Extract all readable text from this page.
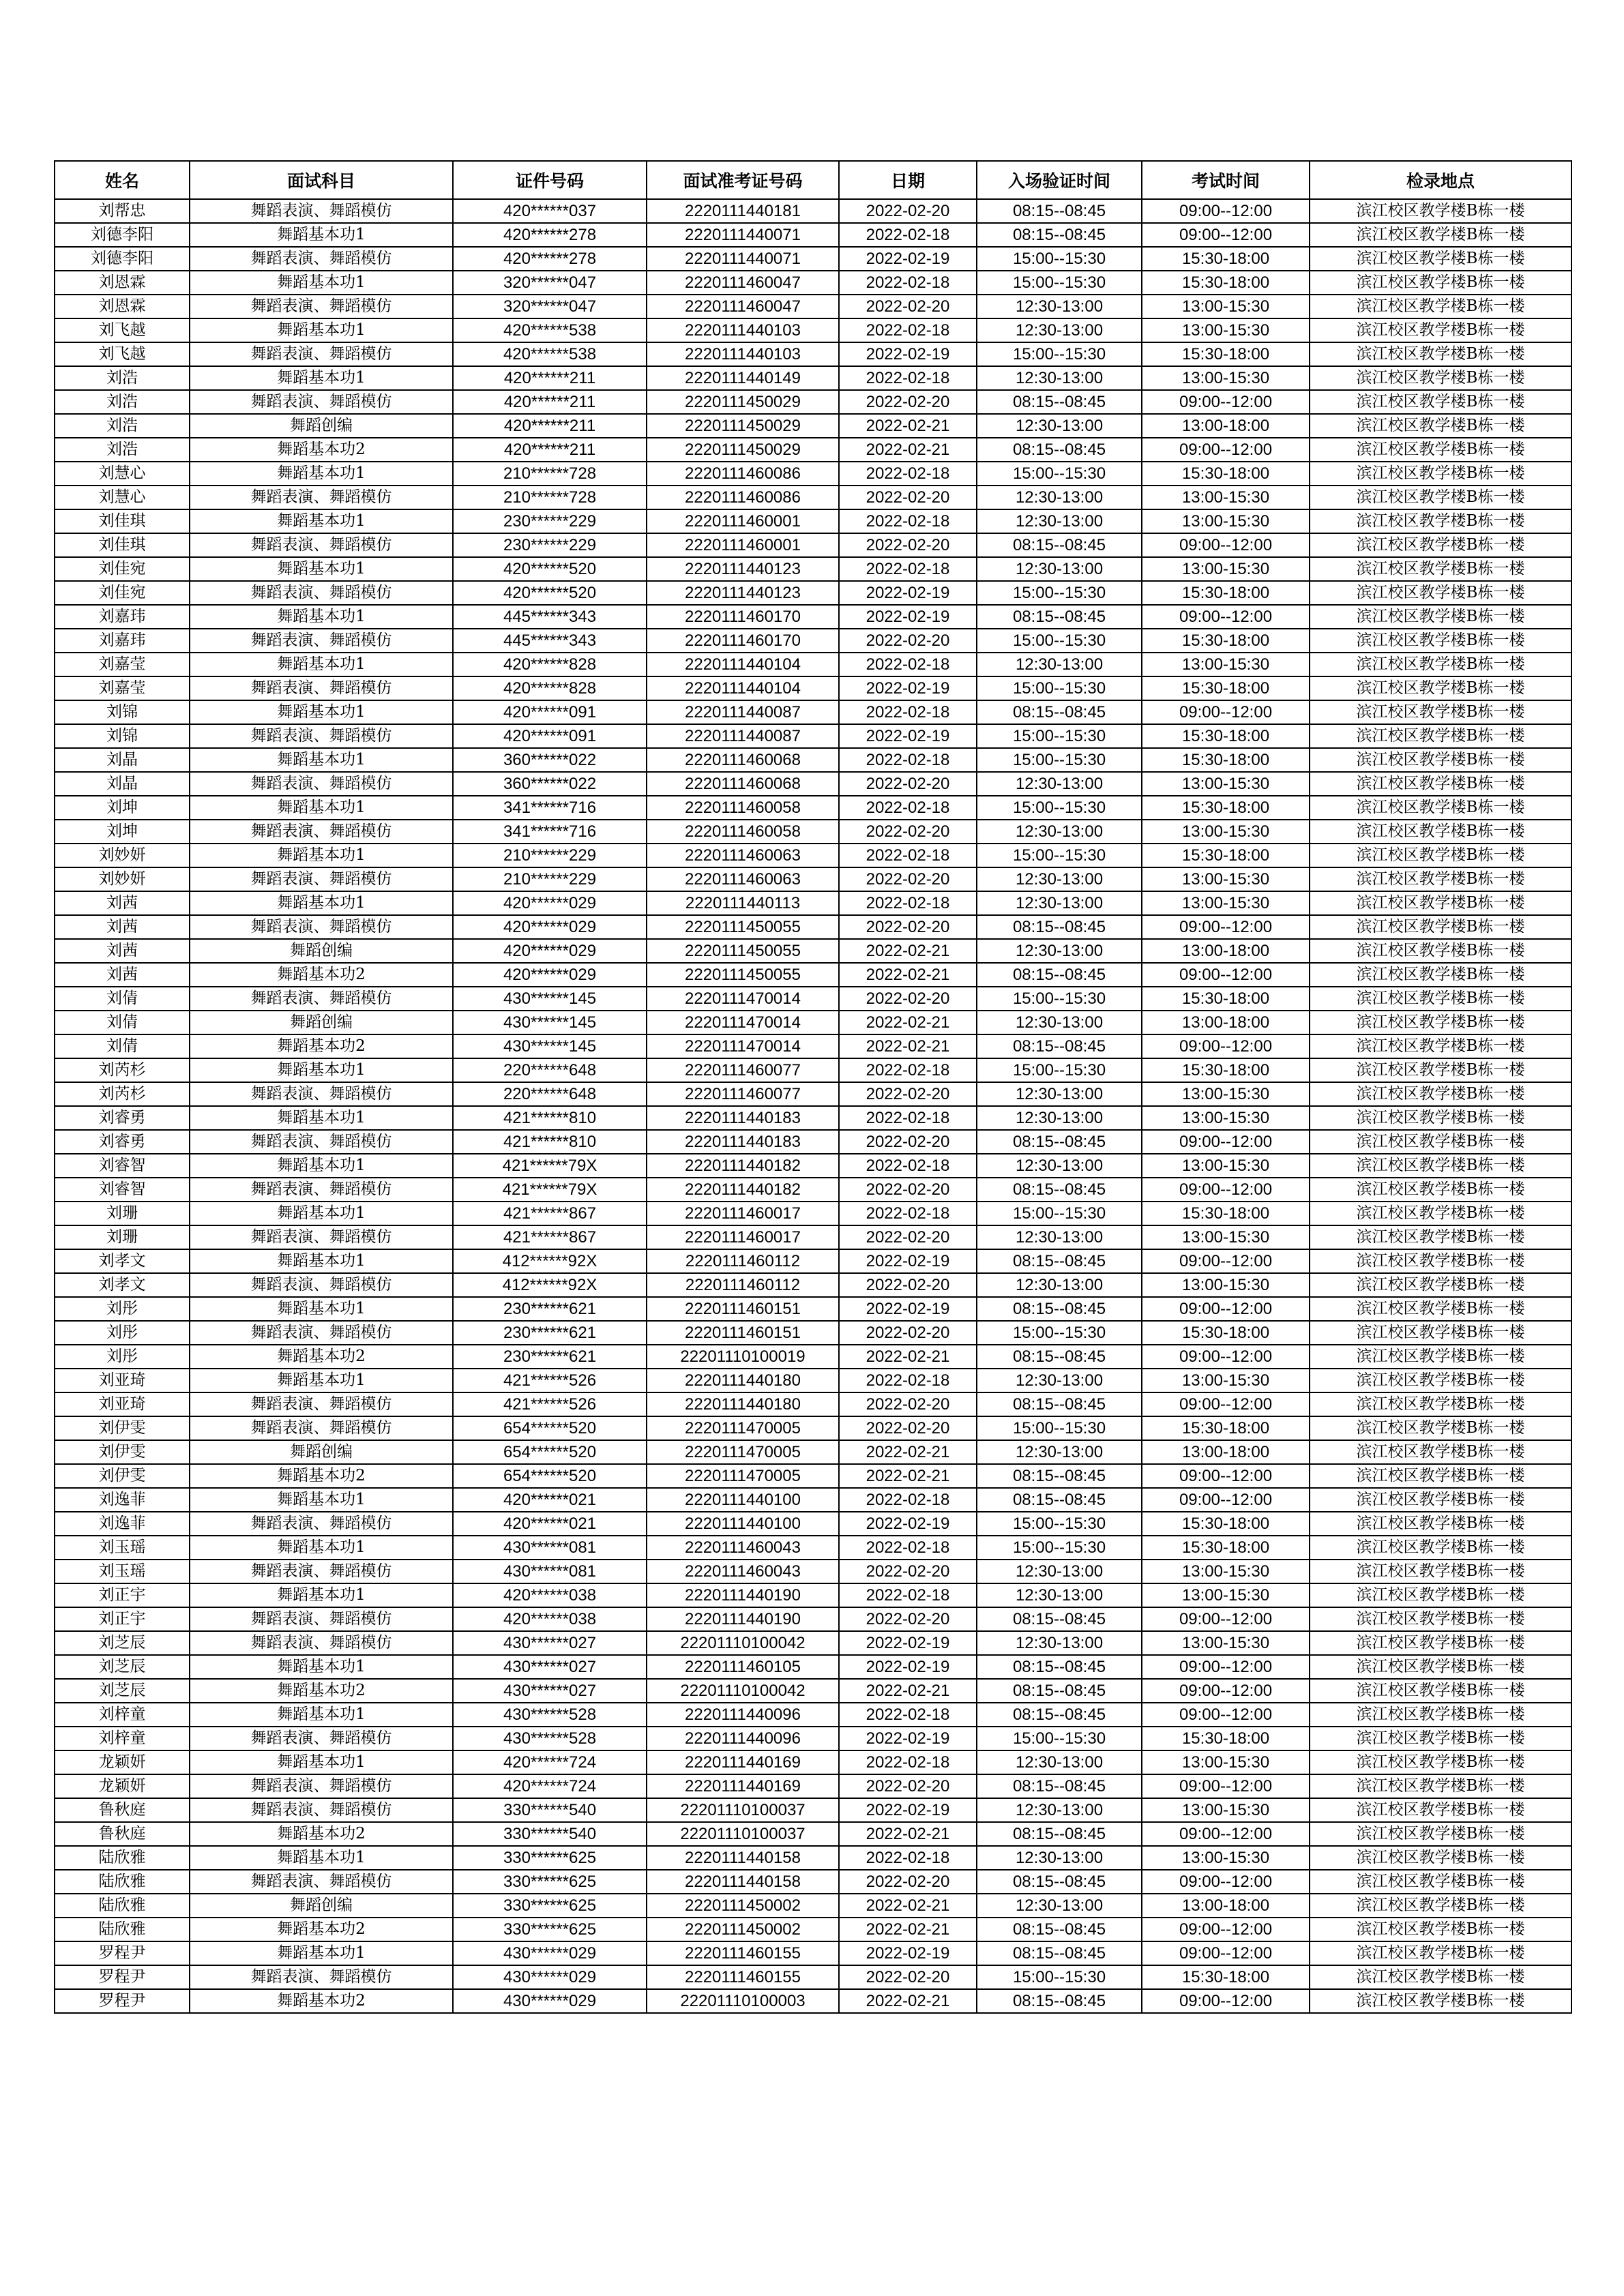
姓名	面试科目	证件号码	面试准考证号码	日期	入场验证时间	考试时间	检录地点
刘帮忠	舞蹈表演、舞蹈模仿	420******037	2220111440181	2022-02-20	08:15--08:45	09:00--12:00	滨江校区教学楼B栋一楼
刘德李阳	舞蹈基本功1	420******278	2220111440071	2022-02-18	08:15--08:45	09:00--12:00	滨江校区教学楼B栋一楼
刘德李阳	舞蹈表演、舞蹈模仿	420******278	2220111440071	2022-02-19	15:00--15:30	15:30-18:00	滨江校区教学楼B栋一楼
刘恩霖	舞蹈基本功1	320******047	2220111460047	2022-02-18	15:00--15:30	15:30-18:00	滨江校区教学楼B栋一楼
刘恩霖	舞蹈表演、舞蹈模仿	320******047	2220111460047	2022-02-20	12:30-13:00	13:00-15:30	滨江校区教学楼B栋一楼
刘飞越	舞蹈基本功1	420******538	2220111440103	2022-02-18	12:30-13:00	13:00-15:30	滨江校区教学楼B栋一楼
刘飞越	舞蹈表演、舞蹈模仿	420******538	2220111440103	2022-02-19	15:00--15:30	15:30-18:00	滨江校区教学楼B栋一楼
刘浩	舞蹈基本功1	420******211	2220111440149	2022-02-18	12:30-13:00	13:00-15:30	滨江校区教学楼B栋一楼
刘浩	舞蹈表演、舞蹈模仿	420******211	2220111450029	2022-02-20	08:15--08:45	09:00--12:00	滨江校区教学楼B栋一楼
刘浩	舞蹈创编	420******211	2220111450029	2022-02-21	12:30-13:00	13:00-18:00	滨江校区教学楼B栋一楼
刘浩	舞蹈基本功2	420******211	2220111450029	2022-02-21	08:15--08:45	09:00--12:00	滨江校区教学楼B栋一楼
刘慧心	舞蹈基本功1	210******728	2220111460086	2022-02-18	15:00--15:30	15:30-18:00	滨江校区教学楼B栋一楼
刘慧心	舞蹈表演、舞蹈模仿	210******728	2220111460086	2022-02-20	12:30-13:00	13:00-15:30	滨江校区教学楼B栋一楼
刘佳琪	舞蹈基本功1	230******229	2220111460001	2022-02-18	12:30-13:00	13:00-15:30	滨江校区教学楼B栋一楼
刘佳琪	舞蹈表演、舞蹈模仿	230******229	2220111460001	2022-02-20	08:15--08:45	09:00--12:00	滨江校区教学楼B栋一楼
刘佳宛	舞蹈基本功1	420******520	2220111440123	2022-02-18	12:30-13:00	13:00-15:30	滨江校区教学楼B栋一楼
刘佳宛	舞蹈表演、舞蹈模仿	420******520	2220111440123	2022-02-19	15:00--15:30	15:30-18:00	滨江校区教学楼B栋一楼
刘嘉玮	舞蹈基本功1	445******343	2220111460170	2022-02-19	08:15--08:45	09:00--12:00	滨江校区教学楼B栋一楼
刘嘉玮	舞蹈表演、舞蹈模仿	445******343	2220111460170	2022-02-20	15:00--15:30	15:30-18:00	滨江校区教学楼B栋一楼
刘嘉莹	舞蹈基本功1	420******828	2220111440104	2022-02-18	12:30-13:00	13:00-15:30	滨江校区教学楼B栋一楼
刘嘉莹	舞蹈表演、舞蹈模仿	420******828	2220111440104	2022-02-19	15:00--15:30	15:30-18:00	滨江校区教学楼B栋一楼
刘锦	舞蹈基本功1	420******091	2220111440087	2022-02-18	08:15--08:45	09:00--12:00	滨江校区教学楼B栋一楼
刘锦	舞蹈表演、舞蹈模仿	420******091	2220111440087	2022-02-19	15:00--15:30	15:30-18:00	滨江校区教学楼B栋一楼
刘晶	舞蹈基本功1	360******022	2220111460068	2022-02-18	15:00--15:30	15:30-18:00	滨江校区教学楼B栋一楼
刘晶	舞蹈表演、舞蹈模仿	360******022	2220111460068	2022-02-20	12:30-13:00	13:00-15:30	滨江校区教学楼B栋一楼
刘坤	舞蹈基本功1	341******716	2220111460058	2022-02-18	15:00--15:30	15:30-18:00	滨江校区教学楼B栋一楼
刘坤	舞蹈表演、舞蹈模仿	341******716	2220111460058	2022-02-20	12:30-13:00	13:00-15:30	滨江校区教学楼B栋一楼
刘妙妍	舞蹈基本功1	210******229	2220111460063	2022-02-18	15:00--15:30	15:30-18:00	滨江校区教学楼B栋一楼
刘妙妍	舞蹈表演、舞蹈模仿	210******229	2220111460063	2022-02-20	12:30-13:00	13:00-15:30	滨江校区教学楼B栋一楼
刘茜	舞蹈基本功1	420******029	2220111440113	2022-02-18	12:30-13:00	13:00-15:30	滨江校区教学楼B栋一楼
刘茜	舞蹈表演、舞蹈模仿	420******029	2220111450055	2022-02-20	08:15--08:45	09:00--12:00	滨江校区教学楼B栋一楼
刘茜	舞蹈创编	420******029	2220111450055	2022-02-21	12:30-13:00	13:00-18:00	滨江校区教学楼B栋一楼
刘茜	舞蹈基本功2	420******029	2220111450055	2022-02-21	08:15--08:45	09:00--12:00	滨江校区教学楼B栋一楼
刘倩	舞蹈表演、舞蹈模仿	430******145	2220111470014	2022-02-20	15:00--15:30	15:30-18:00	滨江校区教学楼B栋一楼
刘倩	舞蹈创编	430******145	2220111470014	2022-02-21	12:30-13:00	13:00-18:00	滨江校区教学楼B栋一楼
刘倩	舞蹈基本功2	430******145	2220111470014	2022-02-21	08:15--08:45	09:00--12:00	滨江校区教学楼B栋一楼
刘芮杉	舞蹈基本功1	220******648	2220111460077	2022-02-18	15:00--15:30	15:30-18:00	滨江校区教学楼B栋一楼
刘芮杉	舞蹈表演、舞蹈模仿	220******648	2220111460077	2022-02-20	12:30-13:00	13:00-15:30	滨江校区教学楼B栋一楼
刘睿勇	舞蹈基本功1	421******810	2220111440183	2022-02-18	12:30-13:00	13:00-15:30	滨江校区教学楼B栋一楼
刘睿勇	舞蹈表演、舞蹈模仿	421******810	2220111440183	2022-02-20	08:15--08:45	09:00--12:00	滨江校区教学楼B栋一楼
刘睿智	舞蹈基本功1	421******79X	2220111440182	2022-02-18	12:30-13:00	13:00-15:30	滨江校区教学楼B栋一楼
刘睿智	舞蹈表演、舞蹈模仿	421******79X	2220111440182	2022-02-20	08:15--08:45	09:00--12:00	滨江校区教学楼B栋一楼
刘珊	舞蹈基本功1	421******867	2220111460017	2022-02-18	15:00--15:30	15:30-18:00	滨江校区教学楼B栋一楼
刘珊	舞蹈表演、舞蹈模仿	421******867	2220111460017	2022-02-20	12:30-13:00	13:00-15:30	滨江校区教学楼B栋一楼
刘孝文	舞蹈基本功1	412******92X	2220111460112	2022-02-19	08:15--08:45	09:00--12:00	滨江校区教学楼B栋一楼
刘孝文	舞蹈表演、舞蹈模仿	412******92X	2220111460112	2022-02-20	12:30-13:00	13:00-15:30	滨江校区教学楼B栋一楼
刘彤	舞蹈基本功1	230******621	2220111460151	2022-02-19	08:15--08:45	09:00--12:00	滨江校区教学楼B栋一楼
刘彤	舞蹈表演、舞蹈模仿	230******621	2220111460151	2022-02-20	15:00--15:30	15:30-18:00	滨江校区教学楼B栋一楼
刘彤	舞蹈基本功2	230******621	22201110100019	2022-02-21	08:15--08:45	09:00--12:00	滨江校区教学楼B栋一楼
刘亚琦	舞蹈基本功1	421******526	2220111440180	2022-02-18	12:30-13:00	13:00-15:30	滨江校区教学楼B栋一楼
刘亚琦	舞蹈表演、舞蹈模仿	421******526	2220111440180	2022-02-20	08:15--08:45	09:00--12:00	滨江校区教学楼B栋一楼
刘伊雯	舞蹈表演、舞蹈模仿	654******520	2220111470005	2022-02-20	15:00--15:30	15:30-18:00	滨江校区教学楼B栋一楼
刘伊雯	舞蹈创编	654******520	2220111470005	2022-02-21	12:30-13:00	13:00-18:00	滨江校区教学楼B栋一楼
刘伊雯	舞蹈基本功2	654******520	2220111470005	2022-02-21	08:15--08:45	09:00--12:00	滨江校区教学楼B栋一楼
刘逸菲	舞蹈基本功1	420******021	2220111440100	2022-02-18	08:15--08:45	09:00--12:00	滨江校区教学楼B栋一楼
刘逸菲	舞蹈表演、舞蹈模仿	420******021	2220111440100	2022-02-19	15:00--15:30	15:30-18:00	滨江校区教学楼B栋一楼
刘玉瑶	舞蹈基本功1	430******081	2220111460043	2022-02-18	15:00--15:30	15:30-18:00	滨江校区教学楼B栋一楼
刘玉瑶	舞蹈表演、舞蹈模仿	430******081	2220111460043	2022-02-20	12:30-13:00	13:00-15:30	滨江校区教学楼B栋一楼
刘正宇	舞蹈基本功1	420******038	2220111440190	2022-02-18	12:30-13:00	13:00-15:30	滨江校区教学楼B栋一楼
刘正宇	舞蹈表演、舞蹈模仿	420******038	2220111440190	2022-02-20	08:15--08:45	09:00--12:00	滨江校区教学楼B栋一楼
刘芝辰	舞蹈表演、舞蹈模仿	430******027	22201110100042	2022-02-19	12:30-13:00	13:00-15:30	滨江校区教学楼B栋一楼
刘芝辰	舞蹈基本功1	430******027	2220111460105	2022-02-19	08:15--08:45	09:00--12:00	滨江校区教学楼B栋一楼
刘芝辰	舞蹈基本功2	430******027	22201110100042	2022-02-21	08:15--08:45	09:00--12:00	滨江校区教学楼B栋一楼
刘梓童	舞蹈基本功1	430******528	2220111440096	2022-02-18	08:15--08:45	09:00--12:00	滨江校区教学楼B栋一楼
刘梓童	舞蹈表演、舞蹈模仿	430******528	2220111440096	2022-02-19	15:00--15:30	15:30-18:00	滨江校区教学楼B栋一楼
龙颖妍	舞蹈基本功1	420******724	2220111440169	2022-02-18	12:30-13:00	13:00-15:30	滨江校区教学楼B栋一楼
龙颖妍	舞蹈表演、舞蹈模仿	420******724	2220111440169	2022-02-20	08:15--08:45	09:00--12:00	滨江校区教学楼B栋一楼
鲁秋庭	舞蹈表演、舞蹈模仿	330******540	22201110100037	2022-02-19	12:30-13:00	13:00-15:30	滨江校区教学楼B栋一楼
鲁秋庭	舞蹈基本功2	330******540	22201110100037	2022-02-21	08:15--08:45	09:00--12:00	滨江校区教学楼B栋一楼
陆欣雅	舞蹈基本功1	330******625	2220111440158	2022-02-18	12:30-13:00	13:00-15:30	滨江校区教学楼B栋一楼
陆欣雅	舞蹈表演、舞蹈模仿	330******625	2220111440158	2022-02-20	08:15--08:45	09:00--12:00	滨江校区教学楼B栋一楼
陆欣雅	舞蹈创编	330******625	2220111450002	2022-02-21	12:30-13:00	13:00-18:00	滨江校区教学楼B栋一楼
陆欣雅	舞蹈基本功2	330******625	2220111450002	2022-02-21	08:15--08:45	09:00--12:00	滨江校区教学楼B栋一楼
罗程尹	舞蹈基本功1	430******029	2220111460155	2022-02-19	08:15--08:45	09:00--12:00	滨江校区教学楼B栋一楼
罗程尹	舞蹈表演、舞蹈模仿	430******029	2220111460155	2022-02-20	15:00--15:30	15:30-18:00	滨江校区教学楼B栋一楼
罗程尹	舞蹈基本功2	430******029	22201110100003	2022-02-21	08:15--08:45	09:00--12:00	滨江校区教学楼B栋一楼
